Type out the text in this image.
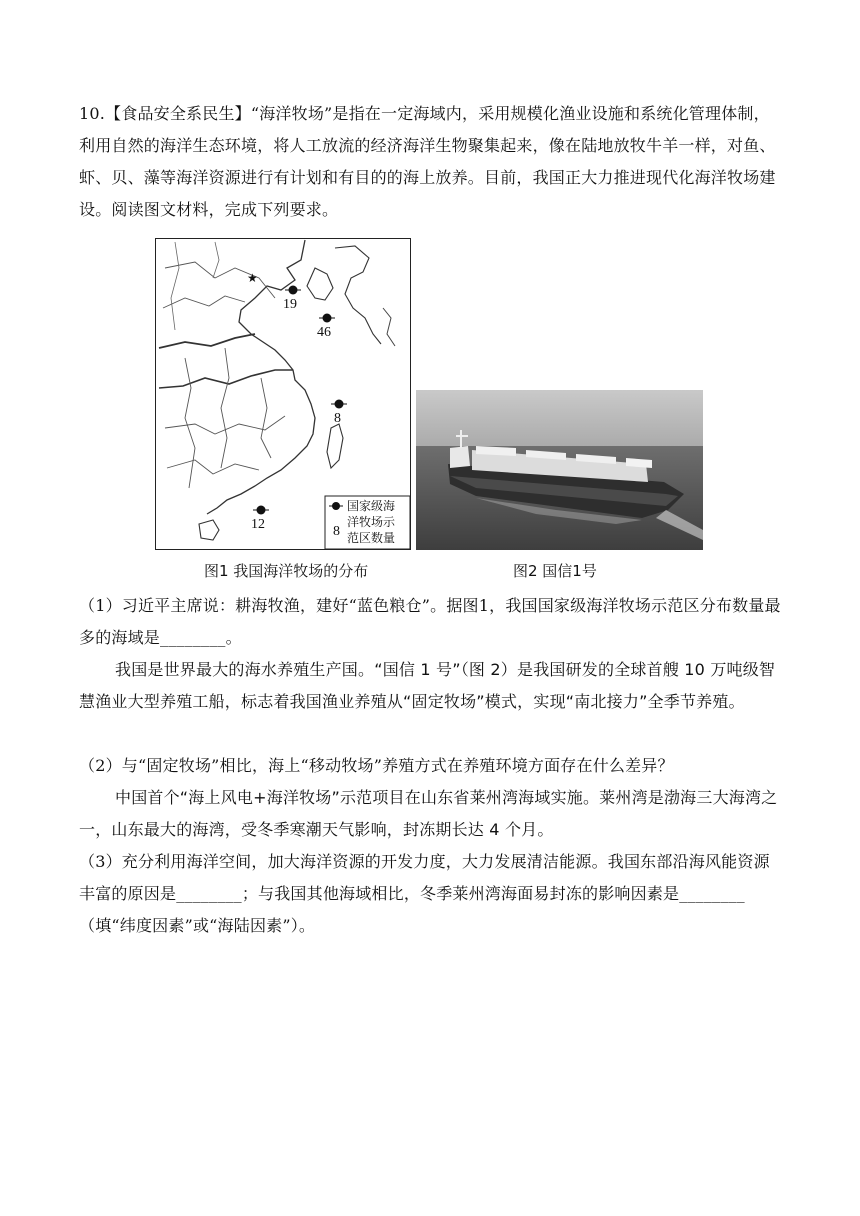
10.【食品安全系民生】“海洋牧场”是指在一定海域内，采用规模化渔业设施和系统化管理体制，利用自然的海洋生态环境，将人工放流的经济海洋生物聚集起来，像在陆地放牧牛羊一样，对鱼、虾、贝、藻等海洋资源进行有计划和有目的的海上放养。目前，我国正大力推进现代化海洋牧场建设。阅读图文材料，完成下列要求。

★
19
46
8
12	8
国家级海
洋牧场示
范区数量
图1 我国海洋牧场的分布	图2 国信1号

（1）习近平主席说：耕海牧渔，建好“蓝色粮仓”。据图1，我国国家级海洋牧场示范区分布数量最多的海域是________。

我国是世界最大的海水养殖生产国。“国信 1 号”（图 2）是我国研发的全球首艘 10 万吨级智慧渔业大型养殖工船，标志着我国渔业养殖从“固定牧场”模式，实现“南北接力”全季节养殖。

（2）与“固定牧场”相比，海上“移动牧场”养殖方式在养殖环境方面存在什么差异？

中国首个“海上风电+海洋牧场”示范项目在山东省莱州湾海域实施。莱州湾是渤海三大海湾之一，山东最大的海湾，受冬季寒潮天气影响，封冻期长达 4 个月。

（3）充分利用海洋空间，加大海洋资源的开发力度，大力发展清洁能源。我国东部沿海风能资源丰富的原因是________；与我国其他海域相比，冬季莱州湾海面易封冻的影响因素是________（填“纬度因素”或“海陆因素”）。
